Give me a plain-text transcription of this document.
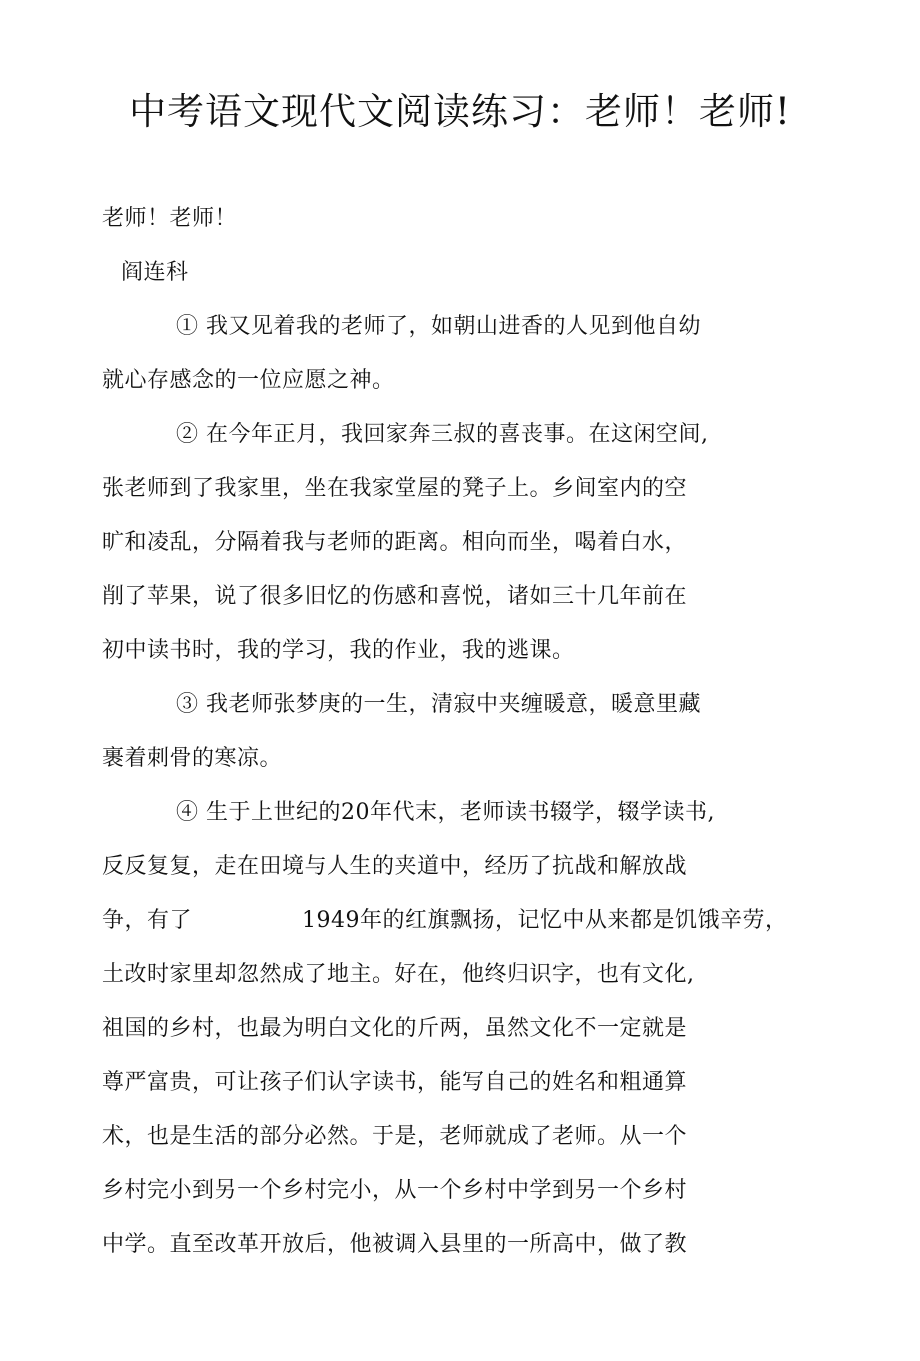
中考语文现代文阅读练习：老师！老师!
老师！老师！
阎连科
① 我又见着我的老师了，如朝山进香的人见到他自幼
就心存感念的一位应愿之神。
② 在今年正月，我回家奔三叔的喜丧事。在这闲空间,
张老师到了我家里，坐在我家堂屋的凳子上。乡间室内的空
旷和凌乱，分隔着我与老师的距离。相向而坐，喝着白水，
削了苹果，说了很多旧忆的伤感和喜悦，诸如三十几年前在
初中读书时，我的学习，我的作业，我的逃课。
③ 我老师张梦庚的一生，清寂中夹缠暖意，暖意里藏
裹着刺骨的寒凉。
④ 生于上世纪的20年代末，老师读书辍学，辍学读书,
反反复复，走在田境与人生的夹道中，经历了抗战和解放战
争，有了	1949年的红旗飘扬，记忆中从来都是饥饿辛劳，
土改时家里却忽然成了地主。好在，他终归识字，也有文化,
祖国的乡村，也最为明白文化的斤两，虽然文化不一定就是
尊严富贵，可让孩子们认字读书，能写自己的姓名和粗通算
术，也是生活的部分必然。于是，老师就成了老师。从一个
乡村完小到另一个乡村完小，从一个乡村中学到另一个乡村
中学。直至改革开放后，他被调入县里的一所高中，做了教
